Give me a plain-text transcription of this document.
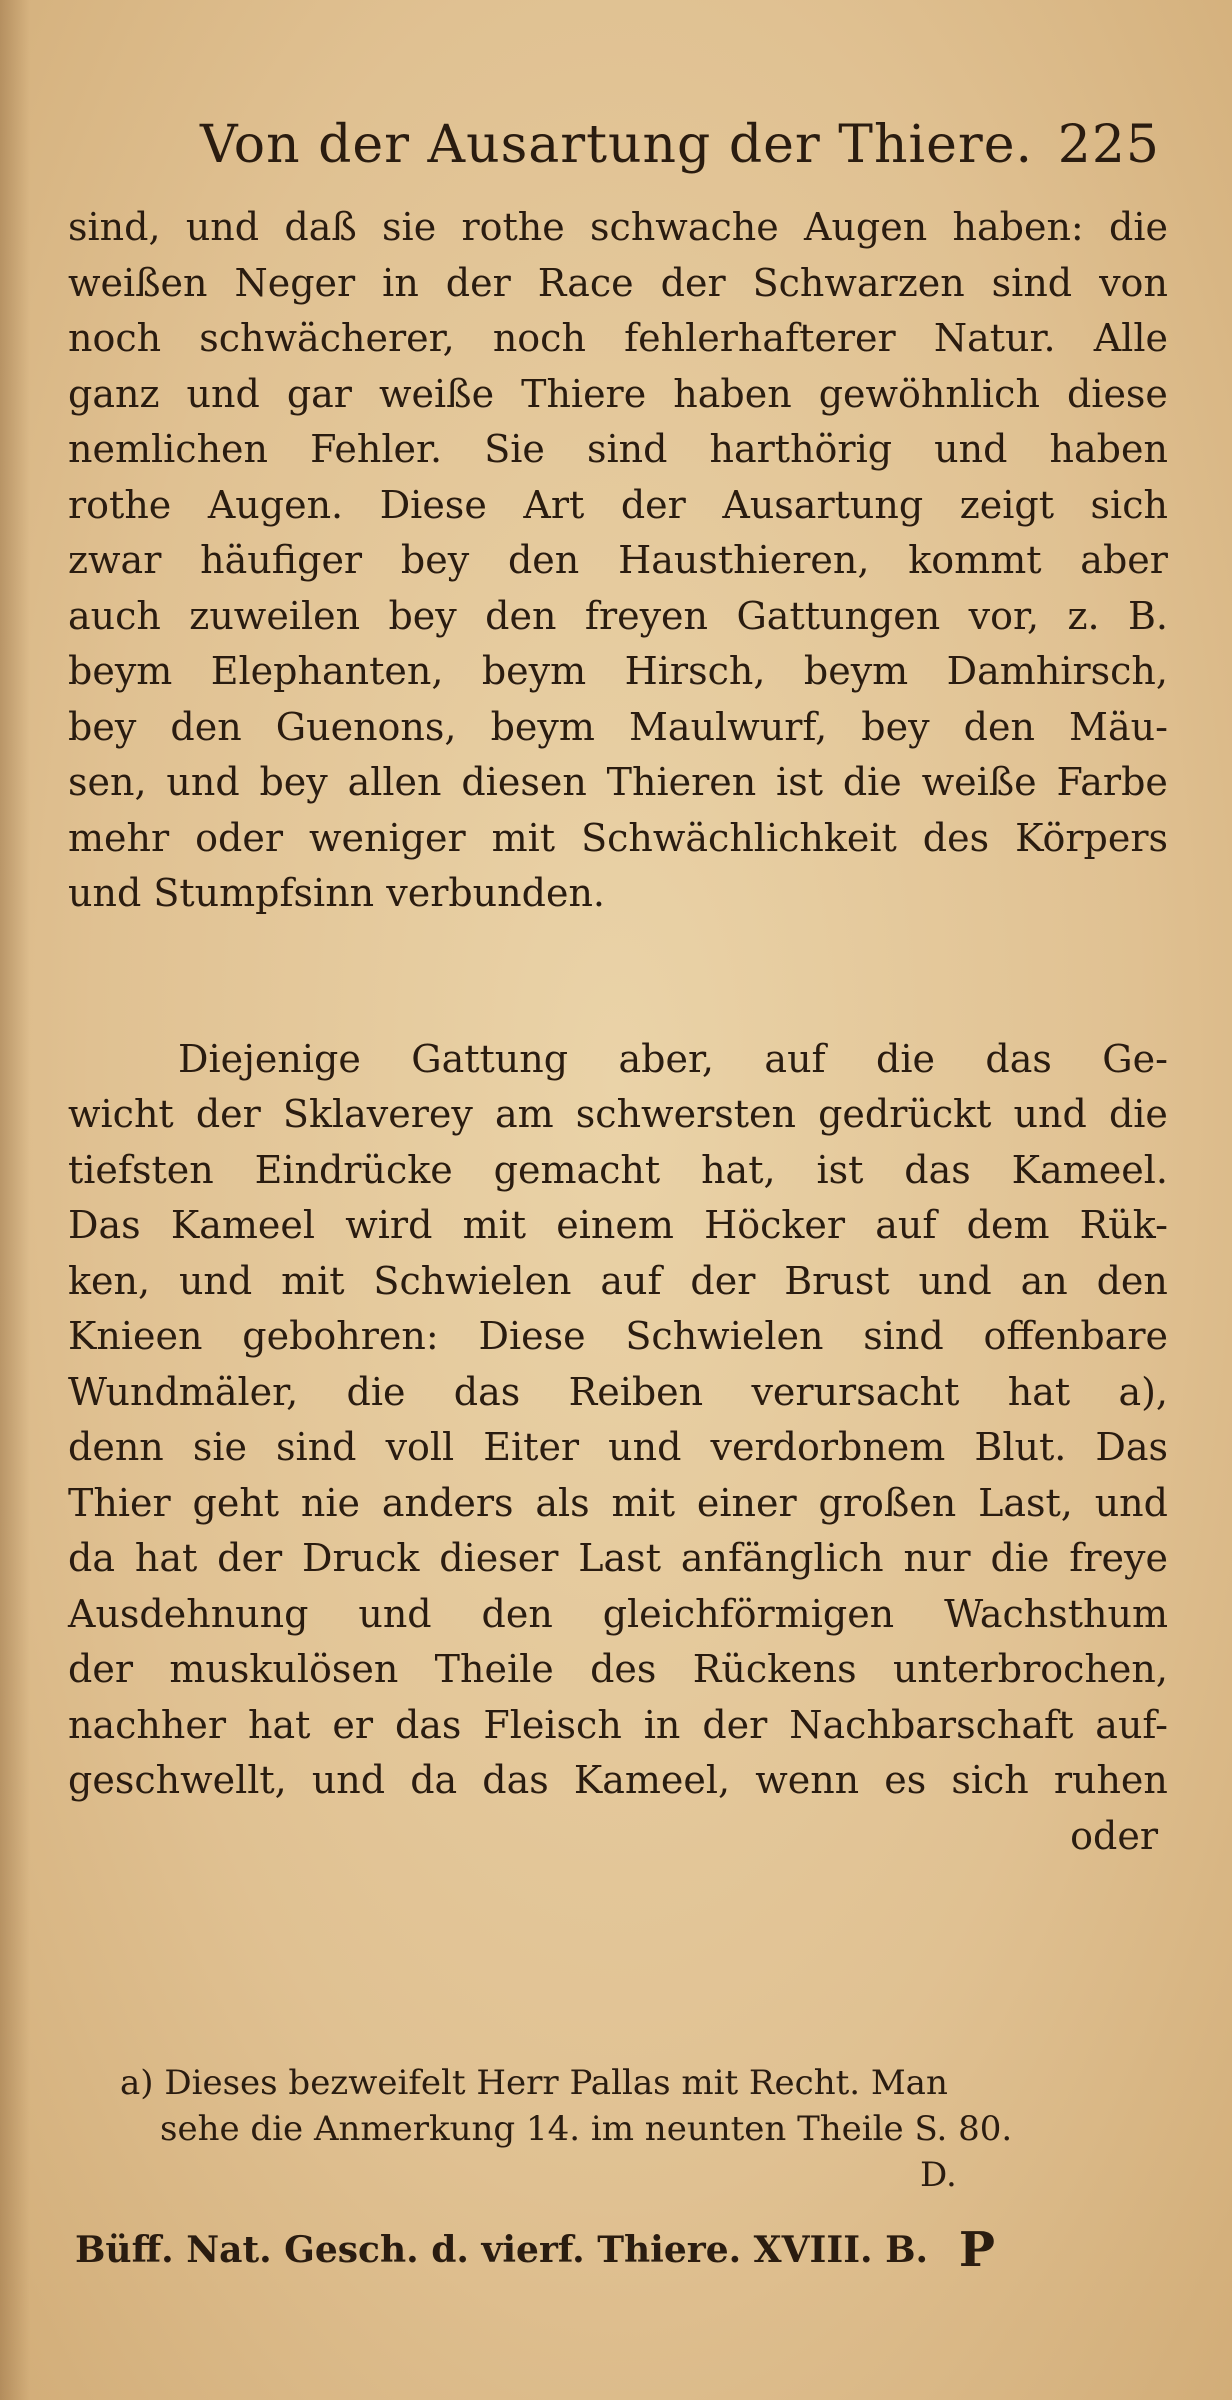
Von der Ausartung der Thiere. 225
sind, und daß sie rothe schwache Augen haben: die
weißen Neger in der Race der Schwarzen sind von
noch schwächerer, noch fehlerhafterer Natur. Alle
ganz und gar weiße Thiere haben gewöhnlich diese
nemlichen Fehler. Sie sind harthörig und haben
rothe Augen. Diese Art der Ausartung zeigt sich
zwar häufiger bey den Hausthieren, kommt aber
auch zuweilen bey den freyen Gattungen vor, z. B.
beym Elephanten, beym Hirsch, beym Damhirsch,
bey den Guenons, beym Maulwurf, bey den Mäu-
sen, und bey allen diesen Thieren ist die weiße Farbe
mehr oder weniger mit Schwächlichkeit des Körpers
und Stumpfsinn verbunden.
Diejenige Gattung aber, auf die das Ge-
wicht der Sklaverey am schwersten gedrückt und die
tiefsten Eindrücke gemacht hat, ist das Kameel.
Das Kameel wird mit einem Höcker auf dem Rük-
ken, und mit Schwielen auf der Brust und an den
Knieen gebohren: Diese Schwielen sind offenbare
Wundmäler, die das Reiben verursacht hat a),
denn sie sind voll Eiter und verdorbnem Blut. Das
Thier geht nie anders als mit einer großen Last, und
da hat der Druck dieser Last anfänglich nur die freye
Ausdehnung und den gleichförmigen Wachsthum
der muskulösen Theile des Rückens unterbrochen,
nachher hat er das Fleisch in der Nachbarschaft auf-
geschwellt, und da das Kameel, wenn es sich ruhen
oder
a) Dieses bezweifelt Herr Pallas mit Recht. Man
sehe die Anmerkung 14. im neunten Theile S. 80.
D.
Büff. Nat. Gesch. d. vierf. Thiere. XVIII. B. P
